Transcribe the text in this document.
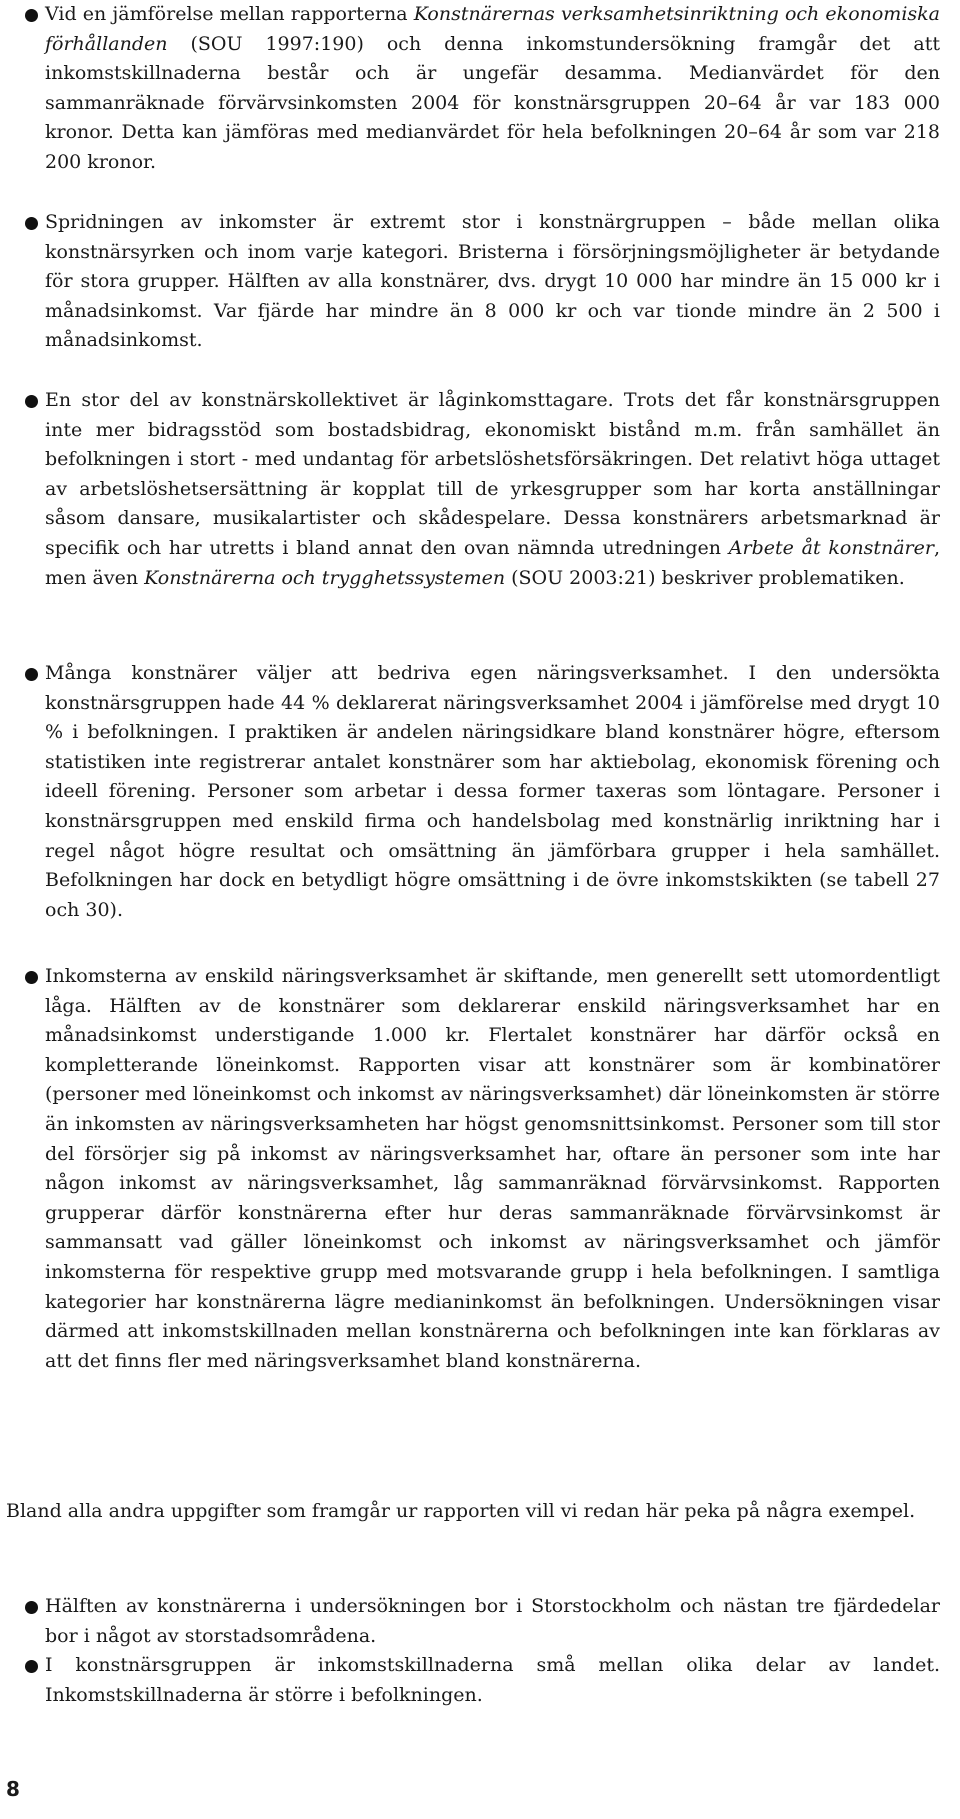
Vid en jämförelse mellan rapporterna Konstnärernas verksamhetsinriktning och ekonomiska förhållanden (SOU 1997:190) och denna inkomstundersökning framgår det att inkomstskillnaderna består och är ungefär desamma. Medianvärdet för den sammanräknade förvärvsinkomsten 2004 för konstnärsgruppen 20–64 år var 183 000 kronor. Detta kan jämföras med medianvärdet för hela befolkningen 20–64 år som var 218 200 kronor.
Spridningen av inkomster är extremt stor i konstnärgruppen – både mellan olika konstnärsyrken och inom varje kategori. Bristerna i försörjningsmöjligheter är betydande för stora grupper. Hälften av alla konstnärer, dvs. drygt 10 000 har mindre än 15 000 kr i månadsinkomst. Var fjärde har mindre än 8 000 kr och var tionde mindre än 2 500 i månadsinkomst.
En stor del av konstnärskollektivet är låginkomsttagare. Trots det får konstnärsgruppen inte mer bidragsstöd som bostadsbidrag, ekonomiskt bistånd m.m. från samhället än befolkningen i stort - med undantag för arbetslöshetsförsäkringen. Det relativt höga uttaget av arbetslöshetsersättning är kopplat till de yrkesgrupper som har korta anställningar såsom dansare, musikalartister och skådespelare. Dessa konstnärers arbetsmarknad är specifik och har utretts i bland annat den ovan nämnda utredningen Arbete åt konstnärer, men även Konstnärerna och trygghetssystemen (SOU 2003:21) beskriver problematiken.
Många konstnärer väljer att bedriva egen näringsverksamhet. I den undersökta konstnärsgruppen hade 44 % deklarerat näringsverksamhet 2004 i jämförelse med drygt 10 % i befolkningen. I praktiken är andelen näringsidkare bland konstnärer högre, eftersom statistiken inte registrerar antalet konstnärer som har aktiebolag, ekonomisk förening och ideell förening. Personer som arbetar i dessa former taxeras som löntagare. Personer i konstnärsgruppen med enskild firma och handelsbolag med konstnärlig inriktning har i regel något högre resultat och omsättning än jämförbara grupper i hela samhället. Befolkningen har dock en betydligt högre omsättning i de övre inkomstskikten (se tabell 27 och 30).
Inkomsterna av enskild näringsverksamhet är skiftande, men generellt sett utomordentligt låga. Hälften av de konstnärer som deklarerar enskild näringsverksamhet har en månadsinkomst understigande 1.000 kr. Flertalet konstnärer har därför också en kompletterande löneinkomst. Rapporten visar att konstnärer som är kombinatörer (personer med löneinkomst och inkomst av näringsverksamhet) där löneinkomsten är större än inkomsten av näringsverksamheten har högst genomsnittsinkomst. Personer som till stor del försörjer sig på inkomst av näringsverksamhet har, oftare än personer som inte har någon inkomst av näringsverksamhet, låg sammanräknad förvärvsinkomst. Rapporten grupperar därför konstnärerna efter hur deras sammanräknade förvärvsinkomst är sammansatt vad gäller löneinkomst och inkomst av näringsverksamhet och jämför inkomsterna för respektive grupp med motsvarande grupp i hela befolkningen. I samtliga kategorier har konstnärerna lägre medianinkomst än befolkningen. Undersökningen visar därmed att inkomstskillnaden mellan konstnärerna och befolkningen inte kan förklaras av att det finns fler med näringsverksamhet bland konstnärerna.
Bland alla andra uppgifter som framgår ur rapporten vill vi redan här peka på några exempel.
Hälften av konstnärerna i undersökningen bor i Storstockholm och nästan tre fjärdedelar bor i något av storstadsområdena.
I konstnärsgruppen är inkomstskillnaderna små mellan olika delar av landet. Inkomstskillnaderna är större i befolkningen.
8
